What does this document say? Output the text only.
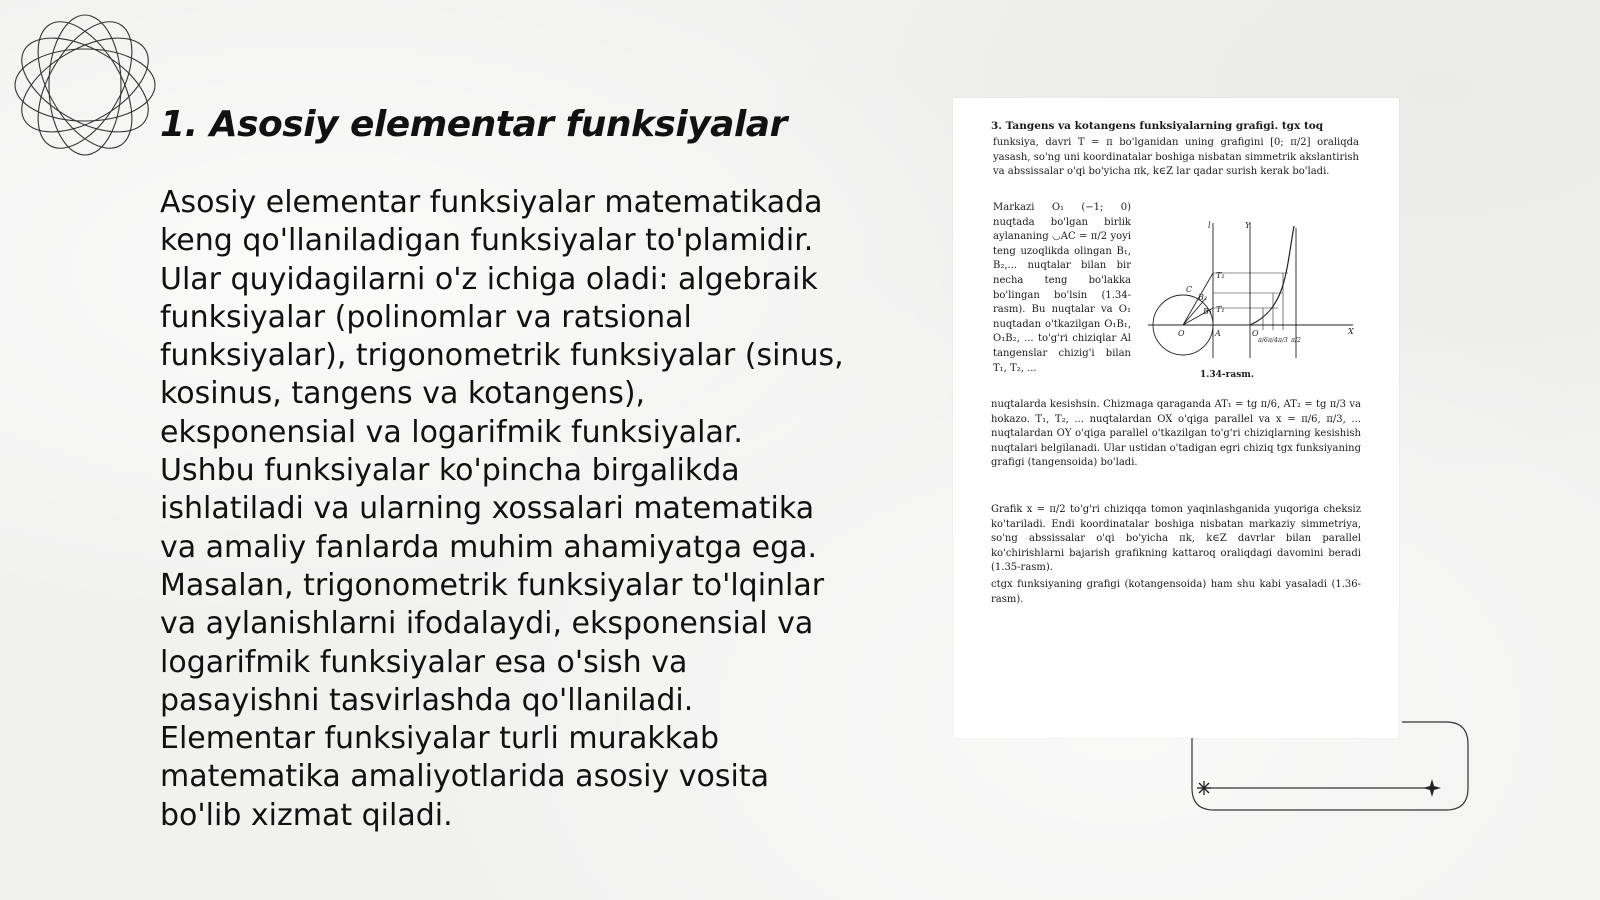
1. Asosiy elementar funksiyalar

Asosiy elementar funksiyalar matematikada
keng qo'llaniladigan funksiyalar to'plamidir.
Ular quyidagilarni o'z ichiga oladi: algebraik
funksiyalar (polinomlar va ratsional
funksiyalar), trigonometrik funksiyalar (sinus,
kosinus, tangens va kotangens),
eksponensial va logarifmik funksiyalar.
Ushbu funksiyalar ko'pincha birgalikda
ishlatiladi va ularning xossalari matematika
va amaliy fanlarda muhim ahamiyatga ega.
Masalan, trigonometrik funksiyalar to'lqinlar
va aylanishlarni ifodalaydi, eksponensial va
logarifmik funksiyalar esa o'sish va
pasayishni tasvirlashda qo'llaniladi.
Elementar funksiyalar turli murakkab
matematika amaliyotlarida asosiy vosita
bo'lib xizmat qiladi.

3. Tangens va kotangens funksiyalarning grafigi. tgx toq

funksiya, davri T = π bo'lganidan uning grafigini [0; π/2] oraliqda yasash, so'ng uni koordinatalar boshiga nisbatan simmetrik akslantirish va abssissalar o'qi bo'yicha πk, k∈Z lar qadar surish kerak bo'ladi.

Markazi O₁ (−1; 0) nuqtada bo'lgan birlik aylananing ◡AC = π/2 yoyi teng uzoqlikda olingan B₁, B₂,... nuqtalar bilan bir necha teng bo'lakka bo'lingan bo'lsin (1.34-rasm). Bu nuqtalar va O₁ nuqtadan o'tkazilgan O₁B₁, O₁B₂, ... to'g'ri chiziqlar Al tangenslar chizig'i bilan T₁, T₂, ...

l	Y
X
O	A	O
C
B₂
B₁
T₂
T₁
π/6 π/4 π/3 π/2
1.34-rasm.

nuqtalarda kesishsin. Chizmaga qaraganda AT₁ = tg π/6, AT₂ = tg π/3 va hokazo. T₁, T₂, ... nuqtalardan OX o'qiga parallel va x = π/6, π/3, ... nuqtalardan OY o'qiga parallel o'tkazilgan to'g'ri chiziqlarning kesishish nuqtalari belgilanadi. Ular ustidan o'tadigan egri chiziq tgx funksiyaning grafigi (tangensoida) bo'ladi.

Grafik x = π/2 to'g'ri chiziqqa tomon yaqinlashganida yuqoriga cheksiz ko'tariladi. Endi koordinatalar boshiga nisbatan markaziy simmetriya, so'ng abssissalar o'qi bo'yicha πk, k∈Z davrlar bilan parallel ko'chirishlarni bajarish grafikning kattaroq oraliqdagi davomini beradi (1.35-rasm).

ctgx funksiyaning grafigi (kotangensoida) ham shu kabi yasaladi (1.36-rasm).
